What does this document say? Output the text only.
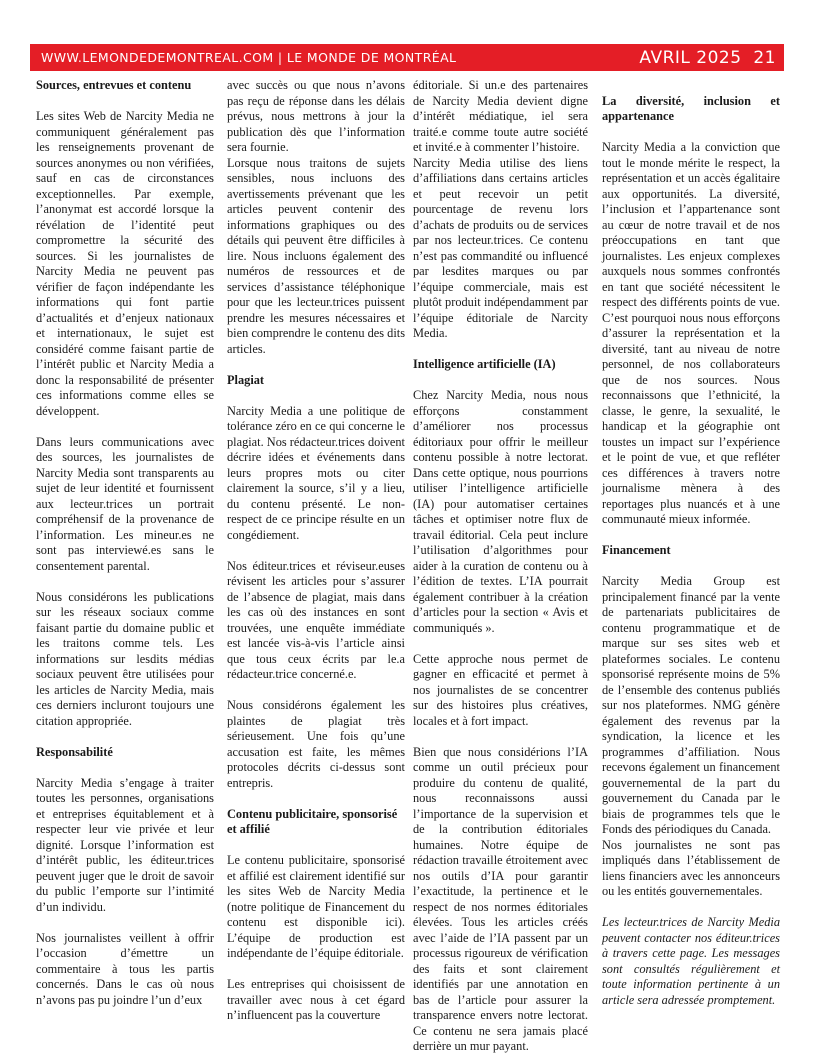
WWW.LEMONDEDEMONTREAL.COM | LE MONDE DE MONTRÉAL	AVRIL 2025 21
Sources, entrevues et contenu

Les sites Web de Narcity Media ne communiquent généralement pas les renseignements provenant de sources anonymes ou non vérifiées, sauf en cas de circonstances exceptionnelles. Par exemple, l’anonymat est accordé lorsque la révélation de l’identité peut compromettre la sécurité des sources. Si les journalistes de Narcity Media ne peuvent pas vérifier de façon indépendante les informations qui font partie d’actualités et d’enjeux nationaux et internationaux, le sujet est considéré comme faisant partie de l’intérêt public et Narcity Media a donc la responsabilité de présenter ces informations comme elles se développent.

Dans leurs communications avec des sources, les journalistes de Narcity Media sont transparents au sujet de leur identité et fournissent aux lecteur.trices un portrait compréhensif de la provenance de l’information. Les mineur.es ne sont pas interviewé.es sans le consentement parental.

Nous considérons les publications sur les réseaux sociaux comme faisant partie du domaine public et les traitons comme tels. Les informations sur lesdits médias sociaux peuvent être utilisées pour les articles de Narcity Media, mais ces derniers incluront toujours une citation appropriée.

Responsabilité

Narcity Media s’engage à traiter toutes les personnes, organisations et entreprises équitablement et à respecter leur vie privée et leur dignité. Lorsque l’information est d’intérêt public, les éditeur.trices peuvent juger que le droit de savoir du public l’emporte sur l’intimité d’un individu.

Nos journalistes veillent à offrir l’occasion d’émettre un commentaire à tous les partis concernés. Dans le cas où nous n’avons pas pu joindre l’un d’eux

avec succès ou que nous n’avons pas reçu de réponse dans les délais prévus, nous mettrons à jour la publication dès que l’information sera fournie.

Lorsque nous traitons de sujets sensibles, nous incluons des avertissements prévenant que les articles peuvent contenir des informations graphiques ou des détails qui peuvent être difficiles à lire. Nous incluons également des numéros de ressources et de services d’assistance téléphonique pour que les lecteur.trices puissent prendre les mesures nécessaires et bien comprendre le contenu des dits articles.

Plagiat

Narcity Media a une politique de tolérance zéro en ce qui concerne le plagiat. Nos rédacteur.trices doivent décrire idées et événements dans leurs propres mots ou citer clairement la source, s’il y a lieu, du contenu présenté. Le non-respect de ce principe résulte en un congédiement.

Nos éditeur.trices et réviseur.euses révisent les articles pour s’assurer de l’absence de plagiat, mais dans les cas où des instances en sont trouvées, une enquête immédiate est lancée vis-à-vis l’article ainsi que tous ceux écrits par le.a rédacteur.trice concerné.e.

Nous considérons également les plaintes de plagiat très sérieusement. Une fois qu’une accusation est faite, les mêmes protocoles décrits ci-dessus sont entrepris.

Contenu publicitaire, sponsorisé et affilié

Le contenu publicitaire, sponsorisé et affilié est clairement identifié sur les sites Web de Narcity Media (notre politique de Financement du contenu est disponible ici). L’équipe de production est indépendante de l’équipe éditoriale.

Les entreprises qui choisissent de travailler avec nous à cet égard n’influencent pas la couverture

éditoriale. Si un.e des partenaires de Narcity Media devient digne d’intérêt médiatique, iel sera traité.e comme toute autre société et invité.e à commenter l’histoire.

Narcity Media utilise des liens d’affiliations dans certains articles et peut recevoir un petit pourcentage de revenu lors d’achats de produits ou de services par nos lecteur.trices. Ce contenu n’est pas commandité ou influencé par lesdites marques ou par l’équipe commerciale, mais est plutôt produit indépendamment par l’équipe éditoriale de Narcity Media.

Intelligence artificielle (IA)

Chez Narcity Media, nous nous efforçons constamment d’améliorer nos processus éditoriaux pour offrir le meilleur contenu possible à notre lectorat. Dans cette optique, nous pourrions utiliser l’intelligence artificielle (IA) pour automatiser certaines tâches et optimiser notre flux de travail éditorial. Cela peut inclure l’utilisation d’algorithmes pour aider à la curation de contenu ou à l’édition de textes. L’IA pourrait également contribuer à la création d’articles pour la section « Avis et communiqués ».

Cette approche nous permet de gagner en efficacité et permet à nos journalistes de se concentrer sur des histoires plus créatives, locales et à fort impact.

Bien que nous considérions l’IA comme un outil précieux pour produire du contenu de qualité, nous reconnaissons aussi l’importance de la supervision et de la contribution éditoriales humaines. Notre équipe de rédaction travaille étroitement avec nos outils d’IA pour garantir l’exactitude, la pertinence et le respect de nos normes éditoriales élevées. Tous les articles créés avec l’aide de l’IA passent par un processus rigoureux de vérification des faits et sont clairement identifiés par une annotation en bas de l’article pour assurer la transparence envers notre lectorat. Ce contenu ne sera jamais placé derrière un mur payant.

La diversité, inclusion et appartenance

Narcity Media a la conviction que tout le monde mérite le respect, la représentation et un accès égalitaire aux opportunités. La diversité, l’inclusion et l’appartenance sont au cœur de notre travail et de nos préoccupations en tant que journalistes. Les enjeux complexes auxquels nous sommes confrontés en tant que société nécessitent le respect des différents points de vue. C’est pourquoi nous nous efforçons d’assurer la représentation et la diversité, tant au niveau de notre personnel, de nos collaborateurs que de nos sources. Nous reconnaissons que l’ethnicité, la classe, le genre, la sexualité, le handicap et la géographie ont toustes un impact sur l’expérience et le point de vue, et que refléter ces différences à travers notre journalisme mènera à des reportages plus nuancés et à une communauté mieux informée.

Financement

Narcity Media Group est principalement financé par la vente de partenariats publicitaires de contenu programmatique et de marque sur ses sites web et plateformes sociales. Le contenu sponsorisé représente moins de 5% de l’ensemble des contenus publiés sur nos plateformes. NMG génère également des revenus par la syndication, la licence et les programmes d’affiliation. Nous recevons également un financement gouvernemental de la part du gouvernement du Canada par le biais de programmes tels que le Fonds des périodiques du Canada.

Nos journalistes ne sont pas impliqués dans l’établissement de liens financiers avec les annonceurs ou les entités gouvernementales.

Les lecteur.trices de Narcity Media peuvent contacter nos éditeur.trices à travers cette page. Les messages sont consultés régulièrement et toute information pertinente à un article sera adressée promptement.
